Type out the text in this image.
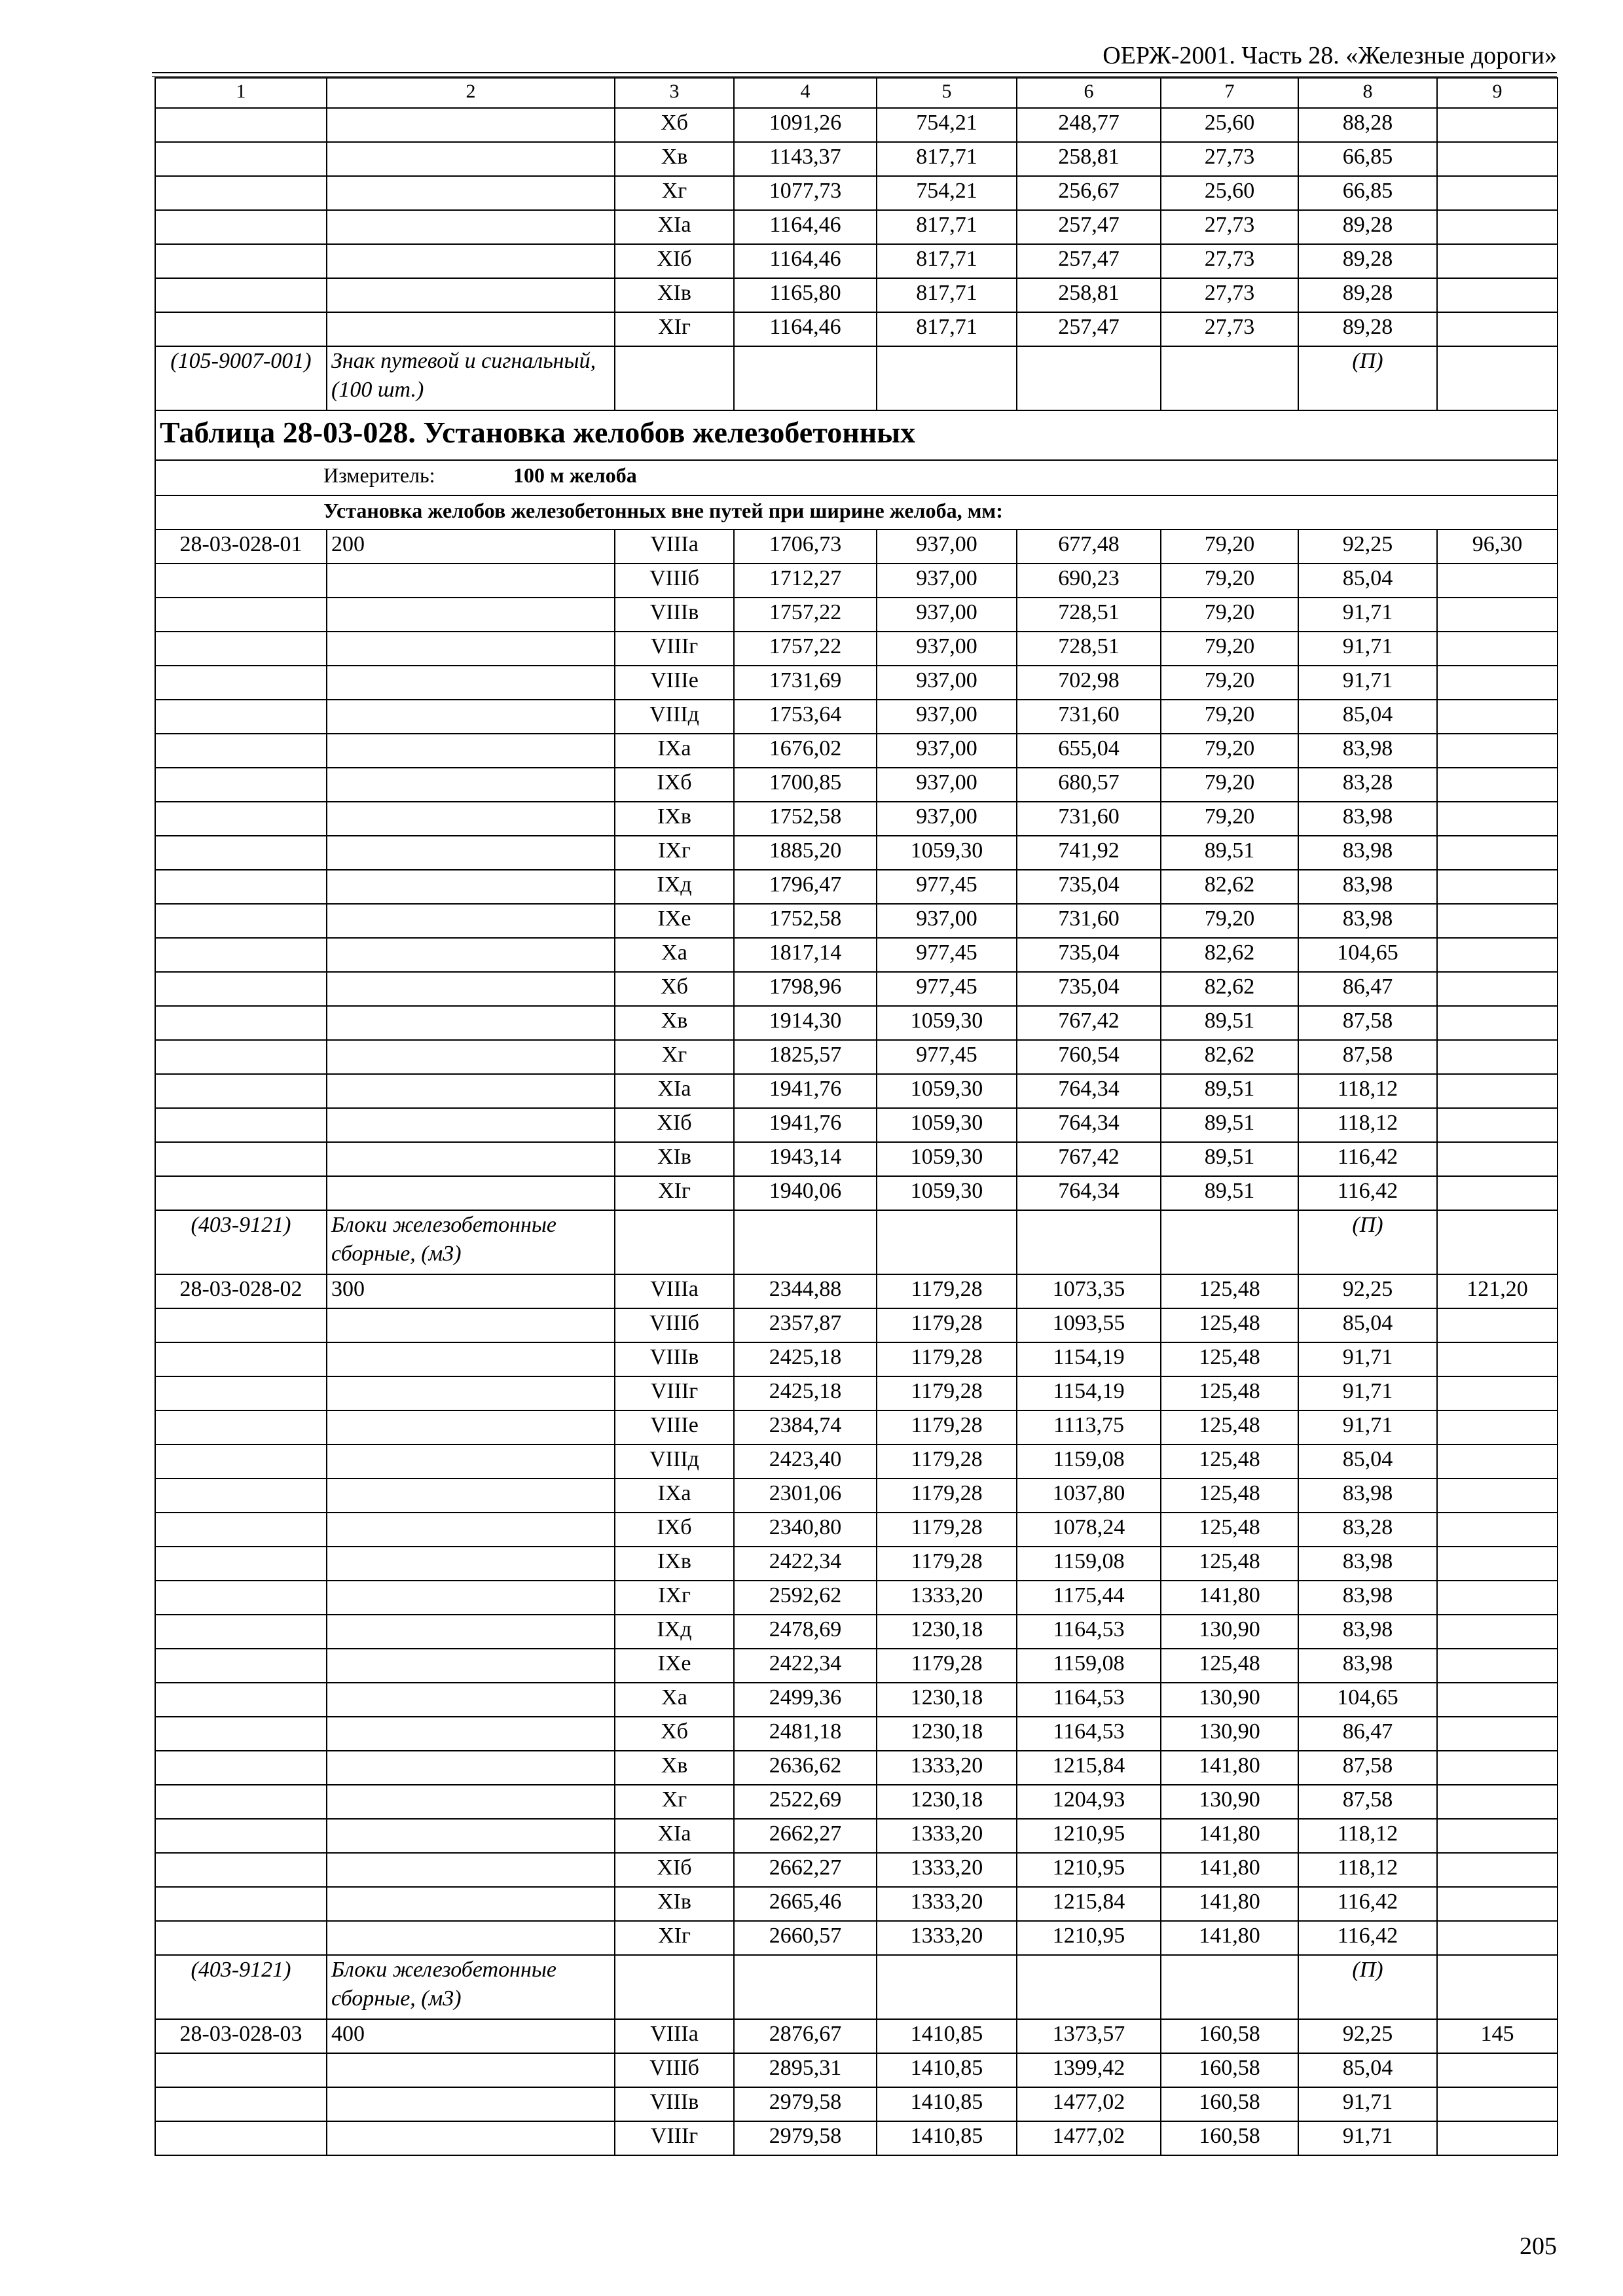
ОЕРЖ-2001. Часть 28. «Железные дороги»
1	2	3	4	5	6	7	8	9
		Xб	1091,26	754,21	248,77	25,60	88,28	
		Xв	1143,37	817,71	258,81	27,73	66,85	
		Xг	1077,73	754,21	256,67	25,60	66,85	
		XIа	1164,46	817,71	257,47	27,73	89,28	
		XIб	1164,46	817,71	257,47	27,73	89,28	
		XIв	1165,80	817,71	258,81	27,73	89,28	
		XIг	1164,46	817,71	257,47	27,73	89,28	
(105-9007-001)	Знак путевой и сигнальный, (100 шт.)						(П)	
Таблица 28-03-028. Установка желобов железобетонных								
Измеритель: 100 м желоба								
Установка желобов железобетонных вне путей при ширине желоба, мм:								
28-03-028-01	200	VIIIа	1706,73	937,00	677,48	79,20	92,25	96,30
		VIIIб	1712,27	937,00	690,23	79,20	85,04	
		VIIIв	1757,22	937,00	728,51	79,20	91,71	
		VIIIг	1757,22	937,00	728,51	79,20	91,71	
		VIIIе	1731,69	937,00	702,98	79,20	91,71	
		VIIIд	1753,64	937,00	731,60	79,20	85,04	
		IXа	1676,02	937,00	655,04	79,20	83,98	
		IXб	1700,85	937,00	680,57	79,20	83,28	
		IXв	1752,58	937,00	731,60	79,20	83,98	
		IXг	1885,20	1059,30	741,92	89,51	83,98	
		IXд	1796,47	977,45	735,04	82,62	83,98	
		IXе	1752,58	937,00	731,60	79,20	83,98	
		Xа	1817,14	977,45	735,04	82,62	104,65	
		Xб	1798,96	977,45	735,04	82,62	86,47	
		Xв	1914,30	1059,30	767,42	89,51	87,58	
		Xг	1825,57	977,45	760,54	82,62	87,58	
		XIа	1941,76	1059,30	764,34	89,51	118,12	
		XIб	1941,76	1059,30	764,34	89,51	118,12	
		XIв	1943,14	1059,30	767,42	89,51	116,42	
		XIг	1940,06	1059,30	764,34	89,51	116,42	
(403-9121)	Блоки железобетонные сборные, (м3)						(П)	
28-03-028-02	300	VIIIа	2344,88	1179,28	1073,35	125,48	92,25	121,20
		VIIIб	2357,87	1179,28	1093,55	125,48	85,04	
		VIIIв	2425,18	1179,28	1154,19	125,48	91,71	
		VIIIг	2425,18	1179,28	1154,19	125,48	91,71	
		VIIIе	2384,74	1179,28	1113,75	125,48	91,71	
		VIIIд	2423,40	1179,28	1159,08	125,48	85,04	
		IXа	2301,06	1179,28	1037,80	125,48	83,98	
		IXб	2340,80	1179,28	1078,24	125,48	83,28	
		IXв	2422,34	1179,28	1159,08	125,48	83,98	
		IXг	2592,62	1333,20	1175,44	141,80	83,98	
		IXд	2478,69	1230,18	1164,53	130,90	83,98	
		IXе	2422,34	1179,28	1159,08	125,48	83,98	
		Xа	2499,36	1230,18	1164,53	130,90	104,65	
		Xб	2481,18	1230,18	1164,53	130,90	86,47	
		Xв	2636,62	1333,20	1215,84	141,80	87,58	
		Xг	2522,69	1230,18	1204,93	130,90	87,58	
		XIа	2662,27	1333,20	1210,95	141,80	118,12	
		XIб	2662,27	1333,20	1210,95	141,80	118,12	
		XIв	2665,46	1333,20	1215,84	141,80	116,42	
		XIг	2660,57	1333,20	1210,95	141,80	116,42	
(403-9121)	Блоки железобетонные сборные, (м3)						(П)	
28-03-028-03	400	VIIIа	2876,67	1410,85	1373,57	160,58	92,25	145
		VIIIб	2895,31	1410,85	1399,42	160,58	85,04	
		VIIIв	2979,58	1410,85	1477,02	160,58	91,71	
		VIIIг	2979,58	1410,85	1477,02	160,58	91,71	
205
